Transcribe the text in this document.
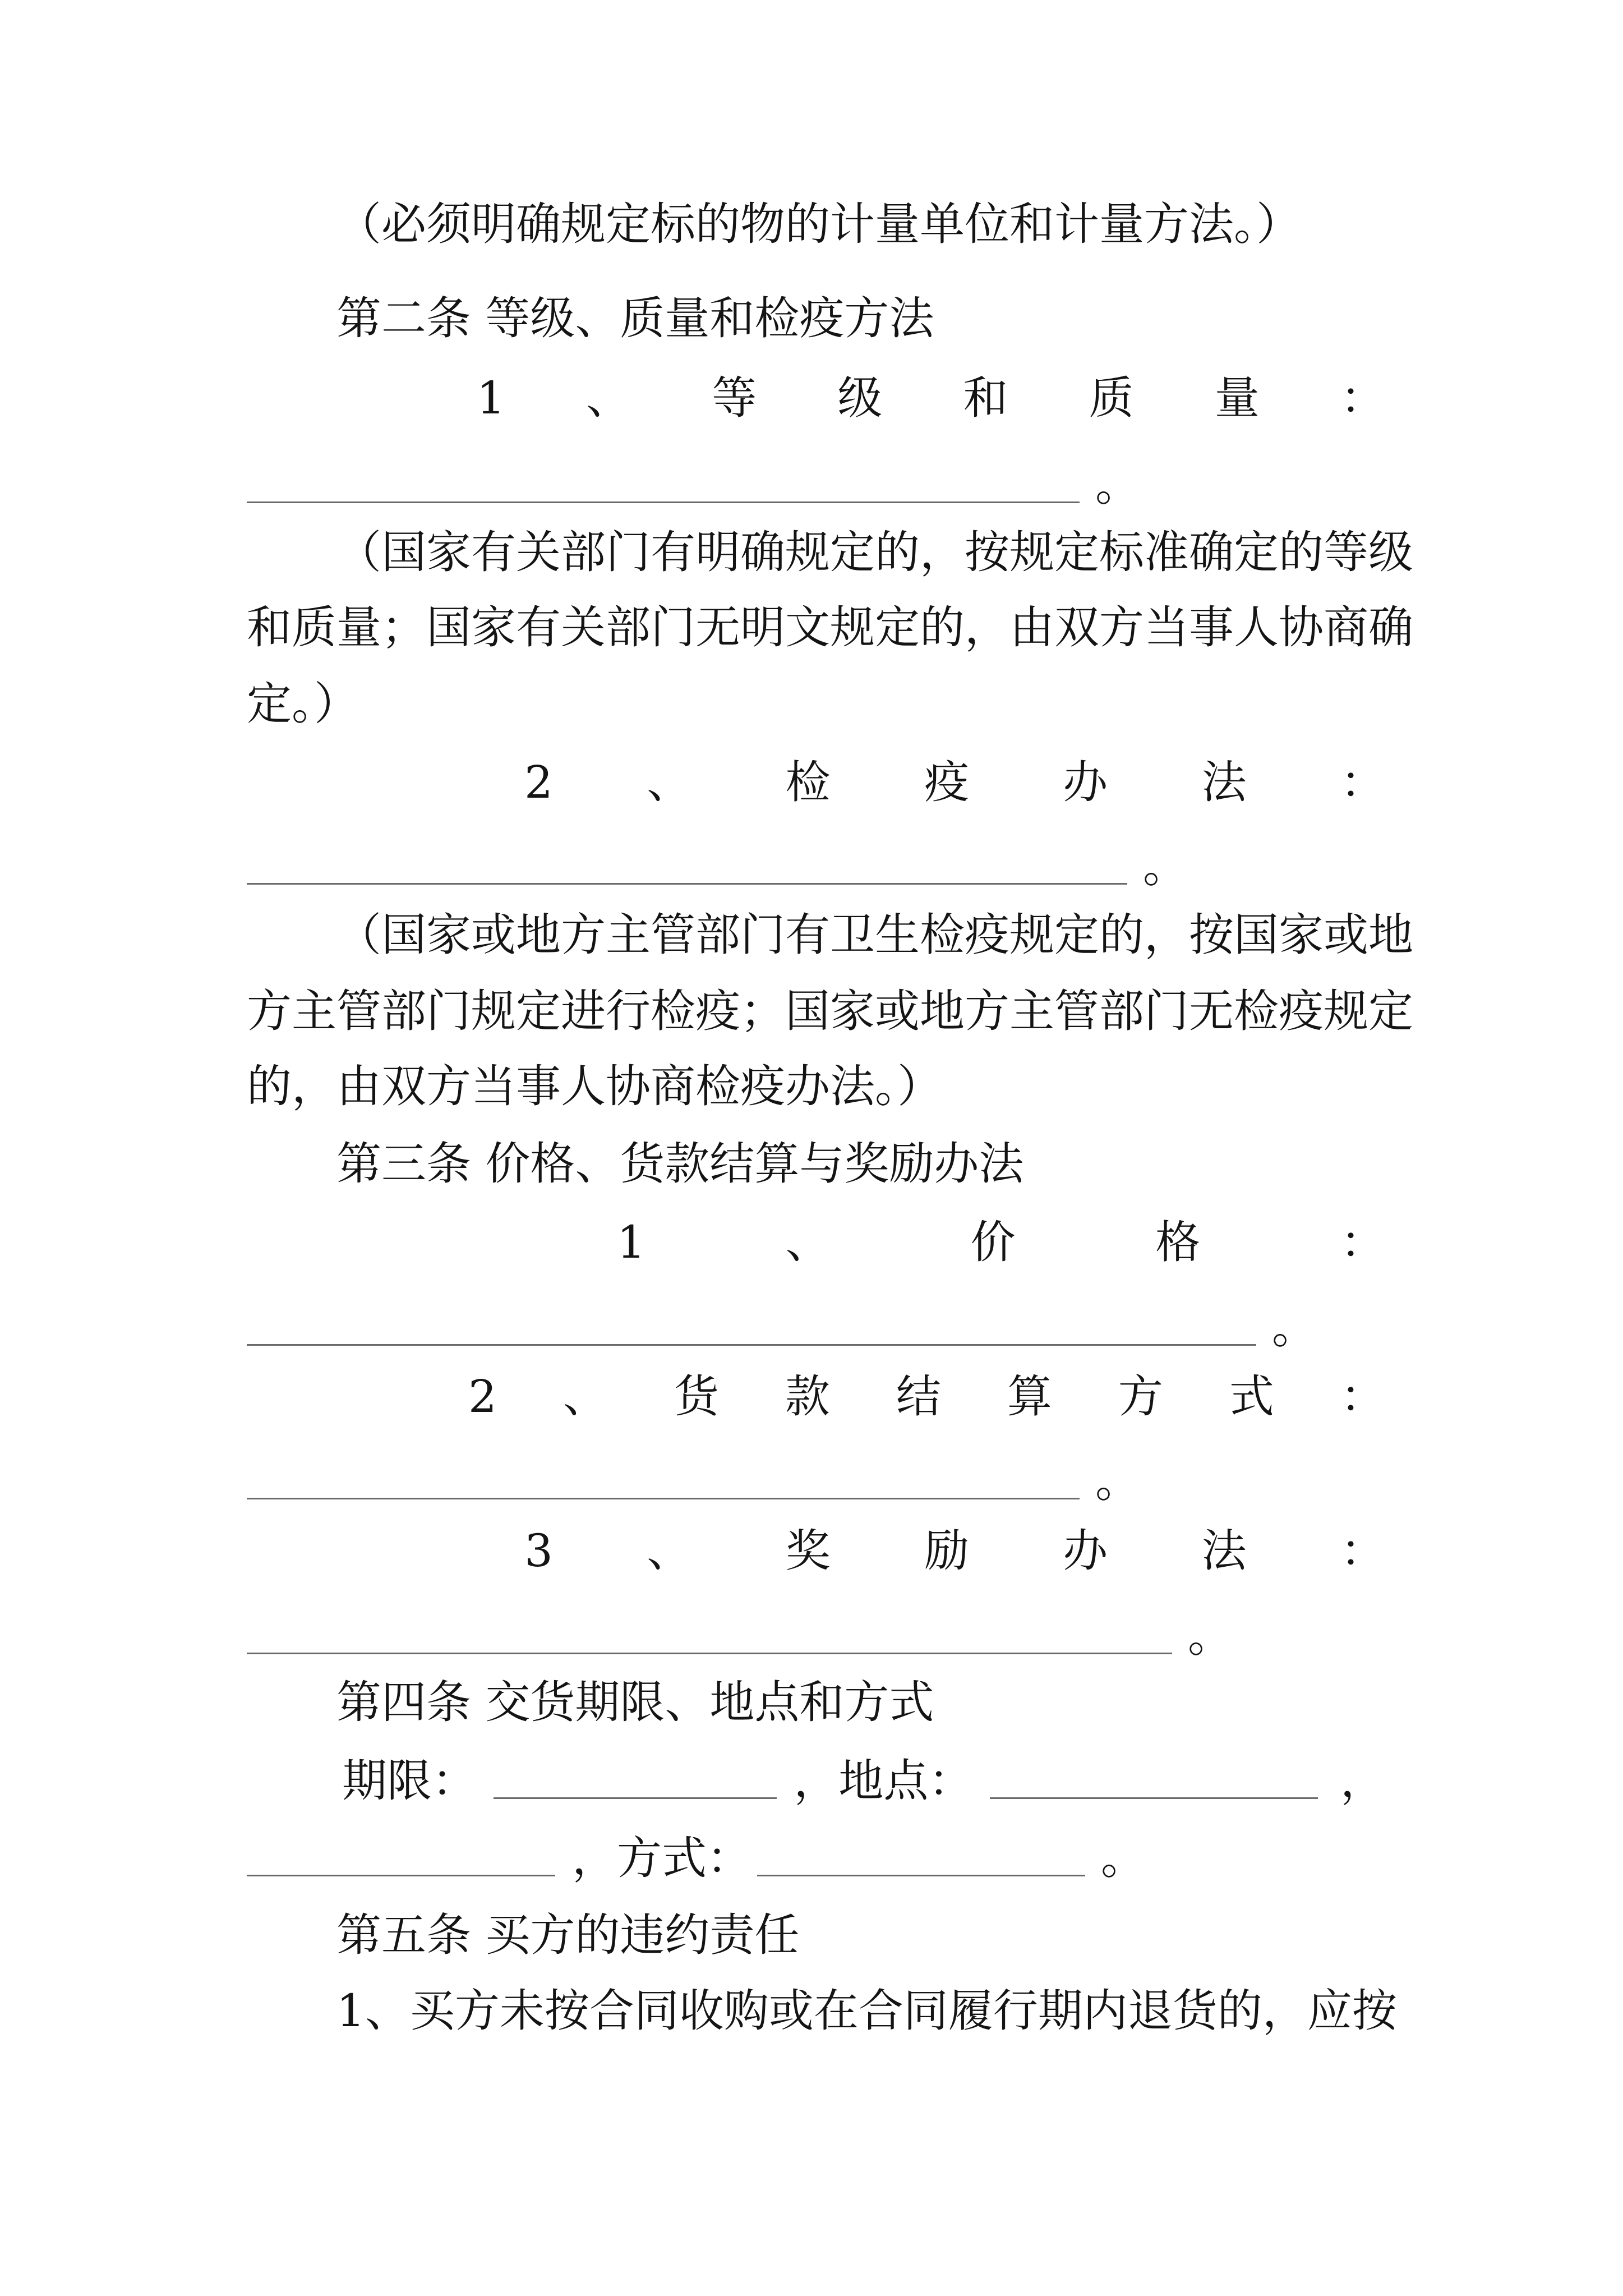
（必须明确规定标的物的计量单位和计量方法。）
第二条 等级、质量和检疫方法
1 、 等 级 和 质 量 ：
。
（国家有关部门有明确规定的，按规定标准确定的等级
和质量；国家有关部门无明文规定的，由双方当事人协商确
定。）
2 、 检 疫 办 法 ：
。
（国家或地方主管部门有卫生检疫规定的，按国家或地
方主管部门规定进行检疫；国家或地方主管部门无检疫规定
的，由双方当事人协商检疫办法。）
第三条 价格、货款结算与奖励办法
1	、	价	格	：
。
2 、 货 款 结 算 方 式 ：
。
3 、 奖 励 办 法 ：
。
第四条 交货期限、地点和方式
期限：	，地点：	，
，方式：	。
第五条 买方的违约责任
1、买方未按合同收购或在合同履行期内退货的，应按
